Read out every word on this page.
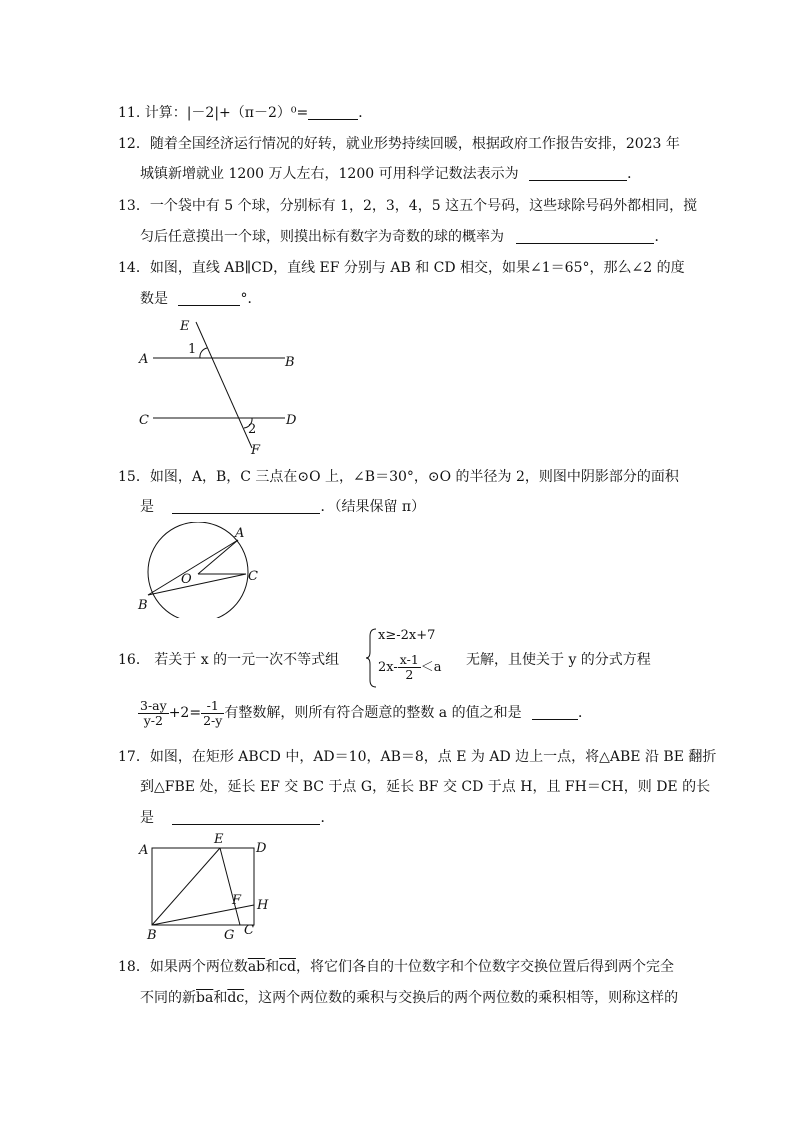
11. 计算：|－2|+（π－2）⁰=	．
12．随着全国经济运行情况的好转，就业形势持续回暖，根据政府工作报告安排，2023 年
城镇新增就业 1200 万人左右，1200 可用科学记数法表示为	．
13．一个袋中有 5 个球，分别标有 1，2，3，4，5 这五个号码，这些球除号码外都相同，搅
匀后任意摸出一个球，则摸出标有数字为奇数的球的概率为	．
14．如图，直线 AB∥CD，直线 EF 分别与 AB 和 CD 相交，如果∠1＝65°，那么∠2 的度
数是	°．
E
A	B
C	D
F
1
2
15．如图，A，B，C 三点在⊙O 上，∠B＝30°，⊙O 的半径为 2，则图中阴影部分的面积
是	．（结果保留 π）
A
B
C
O
16． 若关于 x 的一元一次不等式组
x≥-2x+7
$2x- \frac{x-1}{2} <a$ 无解，且使关于 y 的分式方程
$\frac{3-ay}{y-2} +2= \frac{-1}{2-y}$ 有整数解，则所有符合题意的整数 a 的值之和是	．
17．如图，在矩形 ABCD 中，AD＝10，AB＝8，点 E 为 AD 边上一点，将△ABE 沿 BE 翻折
到△FBE 处，延长 EF 交 BC 于点 G，延长 BF 交 CD 于点 H，且 FH＝CH，则 DE 的长
是	．
A
E
D
F H
B	G C
18．如果两个两位数$\overline{ab}$和$\overline{cd}$，将它们各自的十位数字和个位数字交换位置后得到两个完全
不同的新$\overline{ba}$和$\overline{dc}$，这两个两位数的乘积与交换后的两个两位数的乘积相等，则称这样的
